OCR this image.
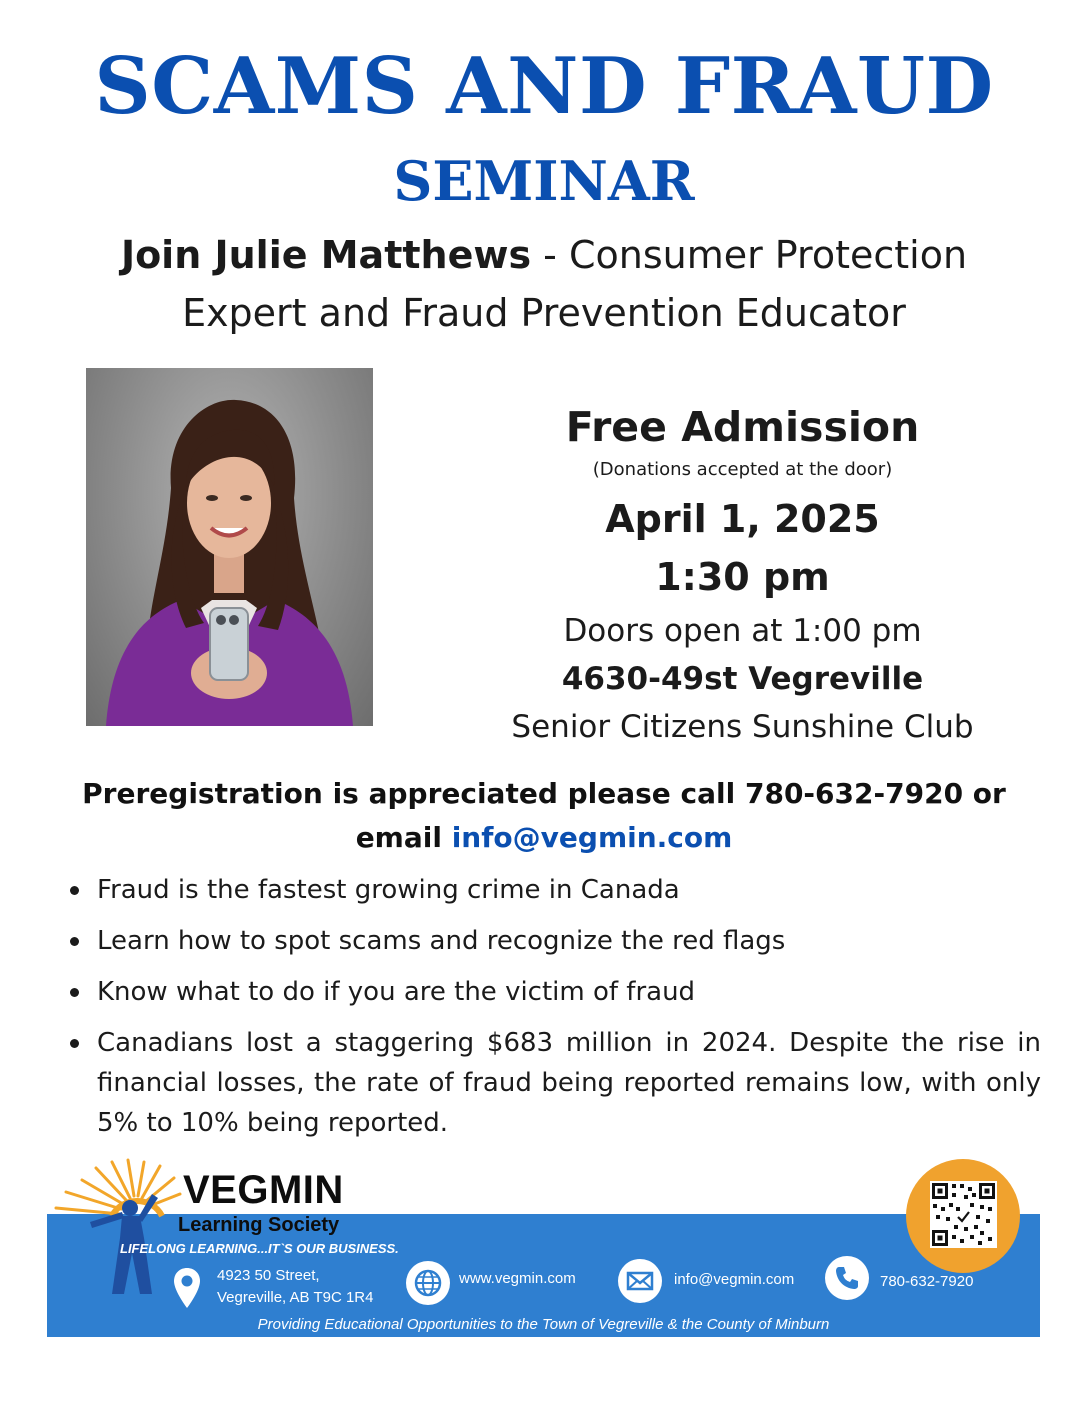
SCAMS AND FRAUD
SEMINAR
Join Julie Matthews - Consumer Protection
Expert and Fraud Prevention Educator
Free Admission
(Donations accepted at the door)
April 1, 2025
1:30 pm
Doors open at 1:00 pm
4630-49st Vegreville
Senior Citizens Sunshine Club
Preregistration is appreciated please call 780-632-7920 or
email info@vegmin.com
Fraud is the fastest growing crime in Canada
Learn how to spot scams and recognize the red flags
Know what to do if you are the victim of fraud
Canadians lost a staggering $683 million in 2024. Despite the rise in financial losses, the rate of fraud being reported remains low, with only 5% to 10% being reported.
VEGMIN
Learning Society
LIFELONG LEARNING...IT`S OUR BUSINESS.
4923 50 Street,
Vegreville, AB T9C 1R4
www.vegmin.com	info@vegmin.com	780-632-7920
Providing Educational Opportunities to the Town of Vegreville & the County of Minburn
